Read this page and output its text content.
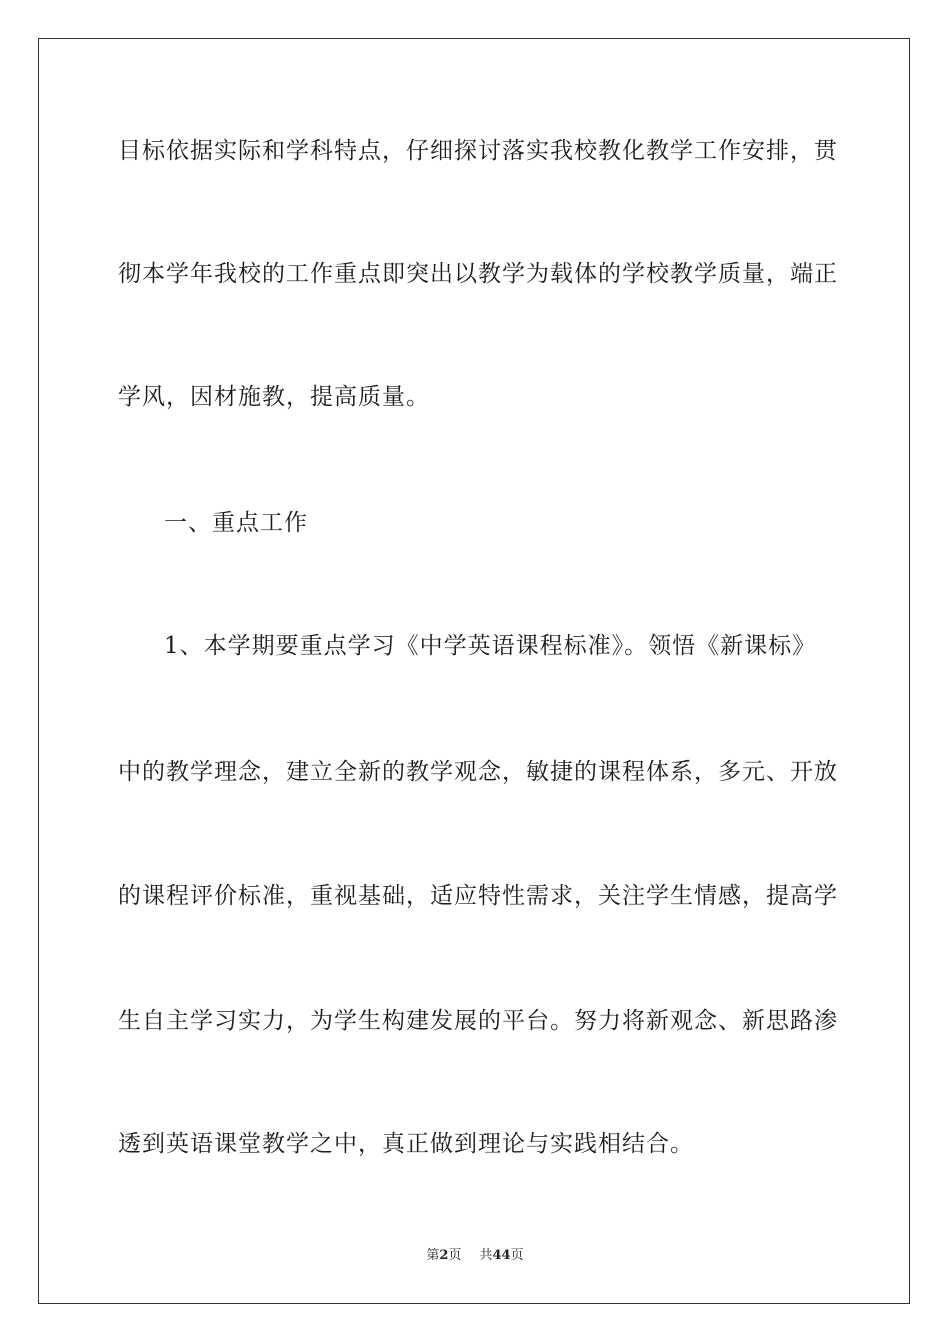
目标依据实际和学科特点，仔细探讨落实我校教化教学工作安排，贯
彻本学年我校的工作重点即突出以教学为载体的学校教学质量，端正
学风，因材施教，提高质量。
一、重点工作
1、本学期要重点学习《中学英语课程标准》。领悟《新课标》
中的教学理念，建立全新的教学观念，敏捷的课程体系，多元、开放
的课程评价标准，重视基础，适应特性需求，关注学生情感，提高学
生自主学习实力，为学生构建发展的平台。努力将新观念、新思路渗
透到英语课堂教学之中，真正做到理论与实践相结合。
第2页 共44页
